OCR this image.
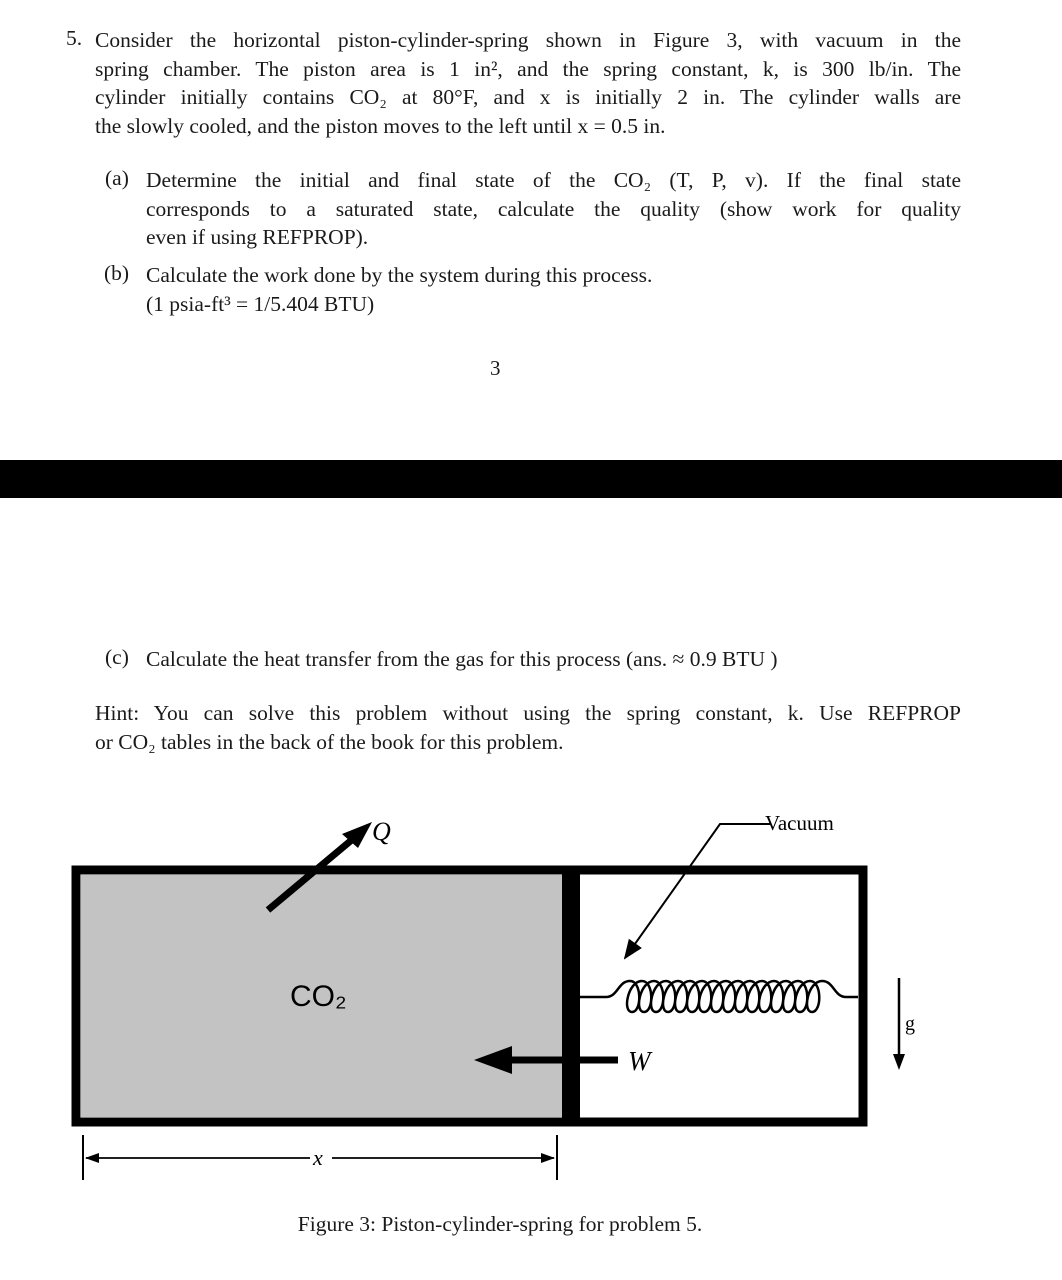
5. Consider the horizontal piston-cylinder-spring shown in Figure 3, with vacuum in the
spring chamber. The piston area is 1 in², and the spring constant, k, is 300 lb/in. The
cylinder initially contains CO₂ at 80°F, and x is initially 2 in. The cylinder walls are
the slowly cooled, and the piston moves to the left until x = 0.5 in.
(a) Determine the initial and final state of the CO₂ (T, P, v). If the final state
corresponds to a saturated state, calculate the quality (show work for quality
even if using REFPROP).
(b) Calculate the work done by the system during this process.
(1 psia-ft³ = 1/5.404 BTU)
3
(c) Calculate the heat transfer from the gas for this process (ans. ≈ 0.9 BTU )
Hint: You can solve this problem without using the spring constant, k. Use REFPROP
or CO₂ tables in the back of the book for this problem.
Q	Vacuum
CO₂
W
g
x
Figure 3: Piston-cylinder-spring for problem 5.
